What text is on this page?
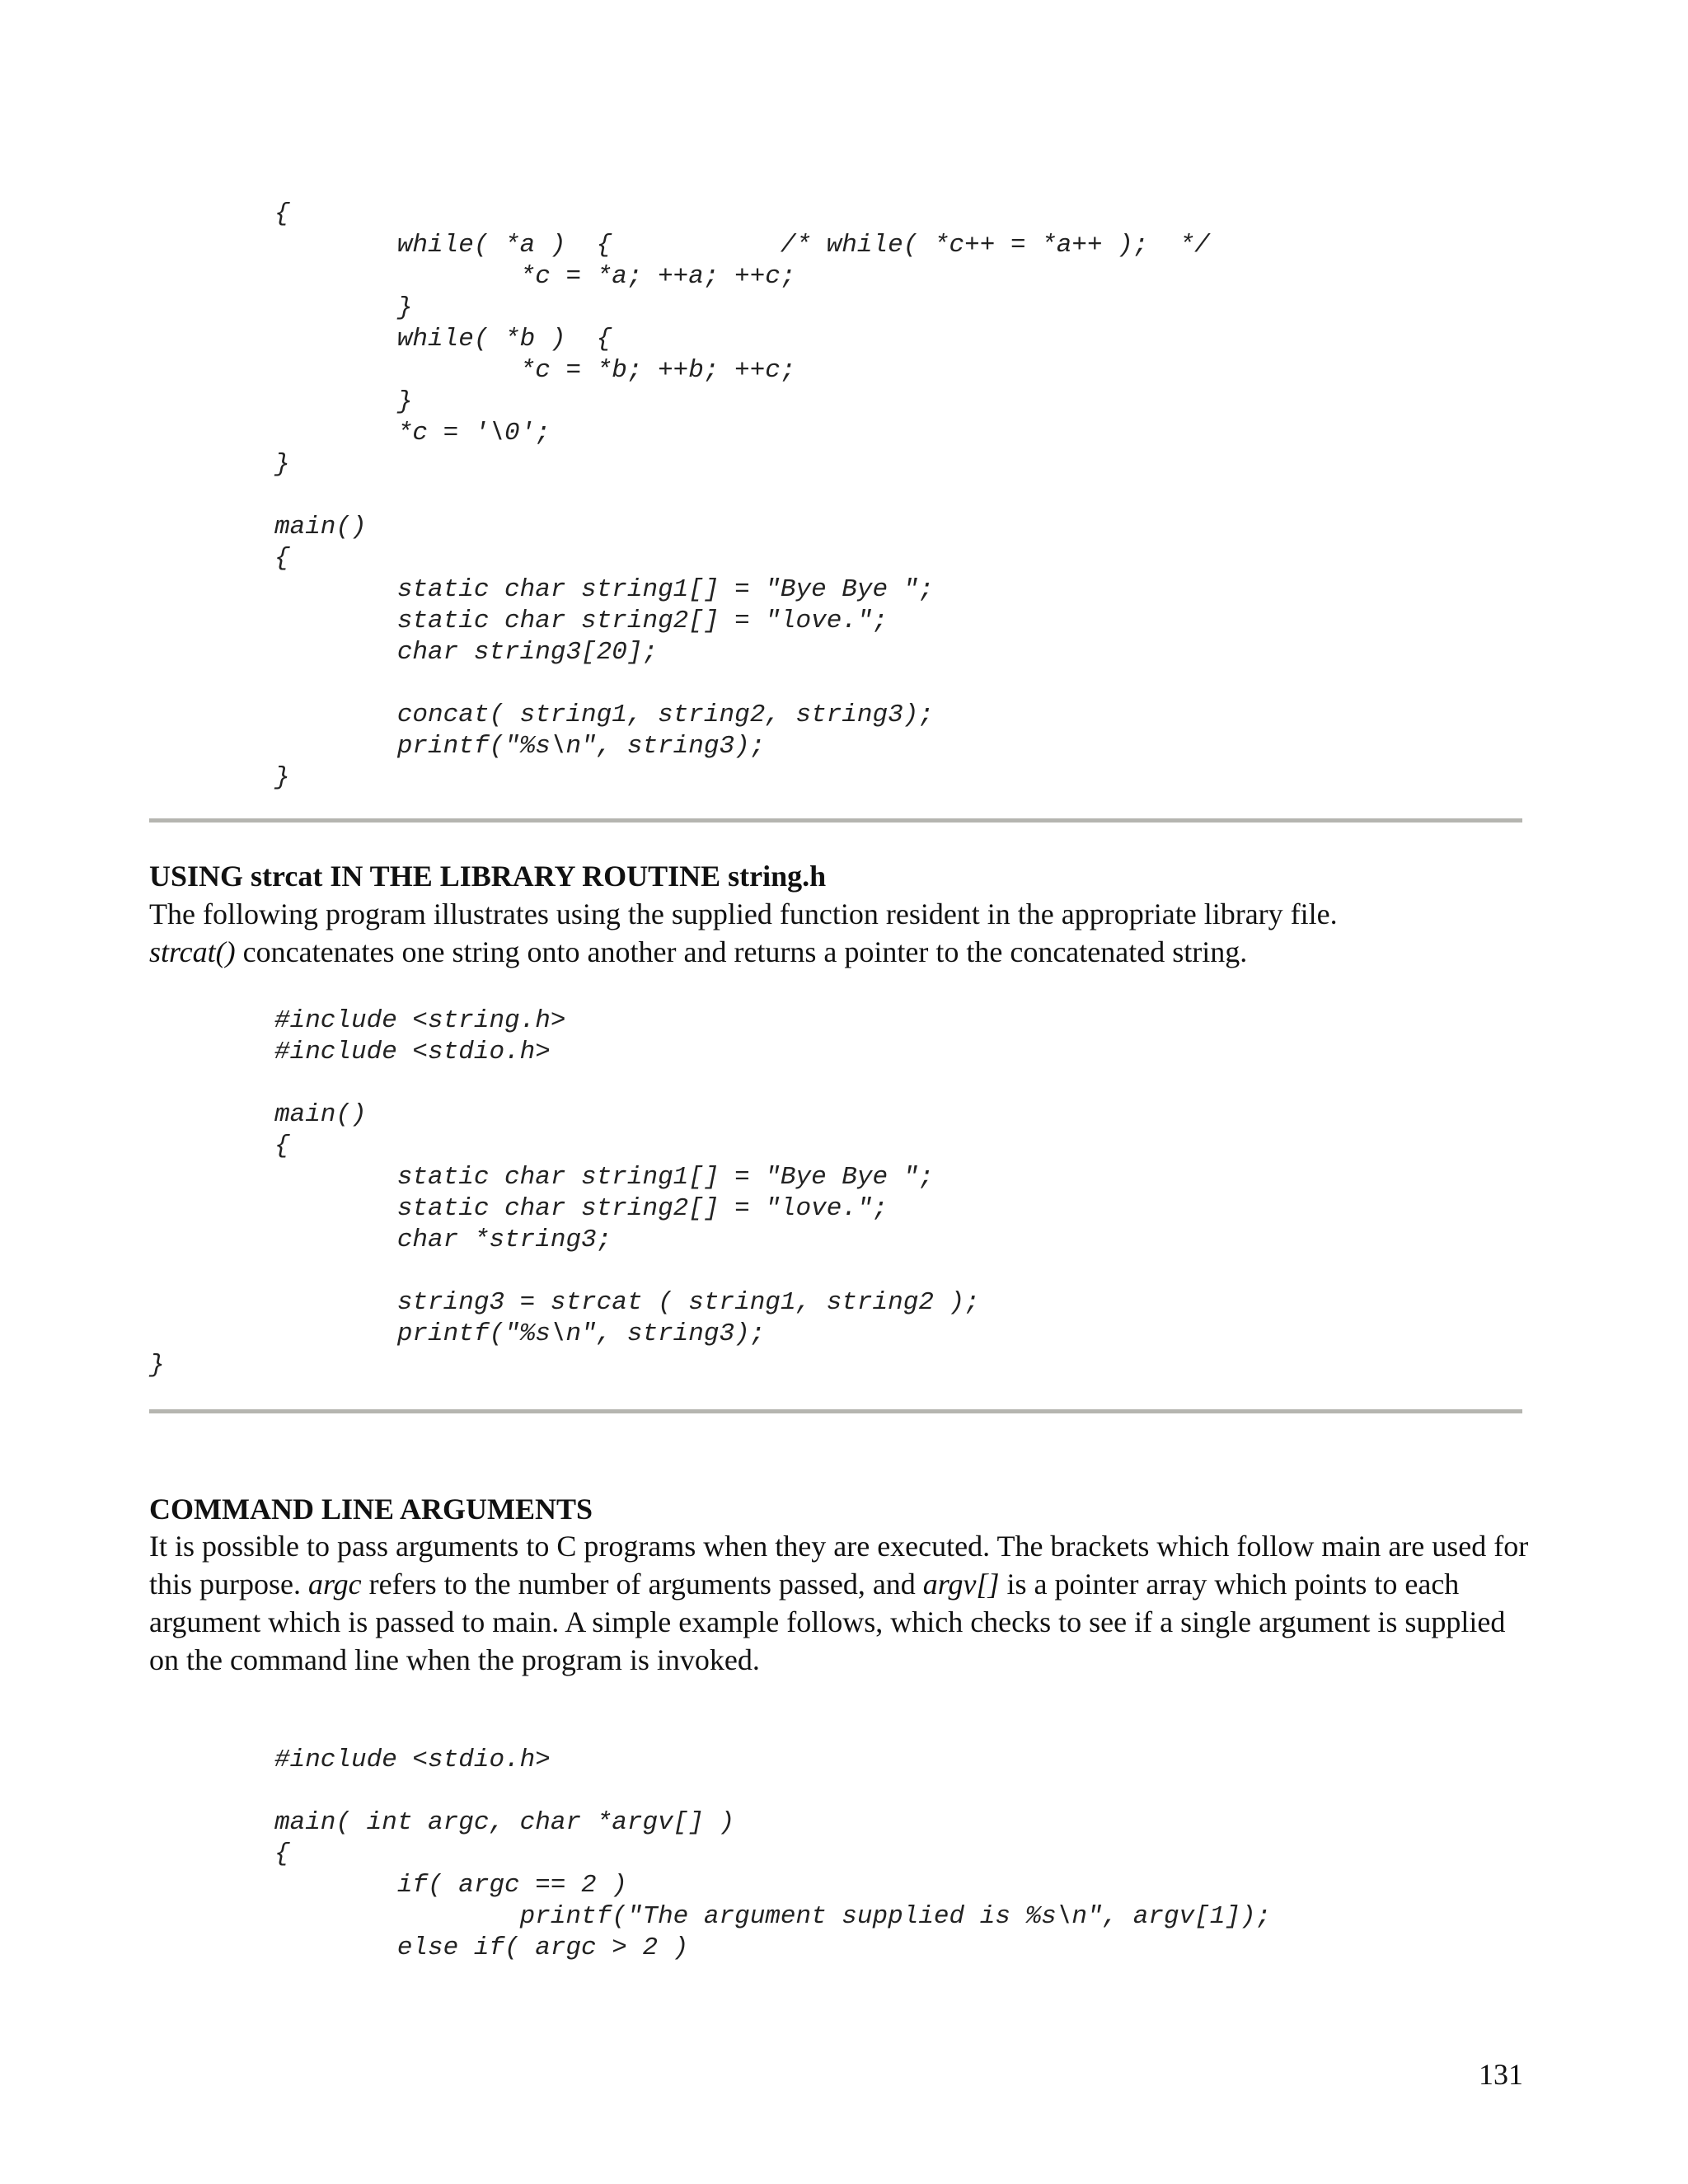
{
while( *a )  {           /* while( *c++ = *a++ );  */
*c = *a; ++a; ++c;
}
while( *b )  {
*c = *b; ++b; ++c;
}
*c = '\0';
}

main()
{
static char string1[] = "Bye Bye ";
static char string2[] = "love.";
char string3[20];

concat( string1, string2, string3);
printf("%s\n", string3);
}
USING strcat IN THE LIBRARY ROUTINE string.h

The following program illustrates using the supplied function resident in the appropriate library file.
strcat() concatenates one string onto another and returns a pointer to the concatenated string.

#include <string.h>
#include <stdio.h>

main()
{
static char string1[] = "Bye Bye ";
static char string2[] = "love.";
char *string3;

string3 = strcat ( string1, string2 );
printf("%s\n", string3);
}
COMMAND LINE ARGUMENTS

It is possible to pass arguments to C programs when they are executed. The brackets which follow main are used for this purpose. argc refers to the number of arguments passed, and argv[] is a pointer array which points to each argument which is passed to main. A simple example follows, which checks to see if a single argument is supplied on the command line when the program is invoked.

#include <stdio.h>

main( int argc, char *argv[] )
{
if( argc == 2 )
printf("The argument supplied is %s\n", argv[1]);
else if( argc > 2 )
131
